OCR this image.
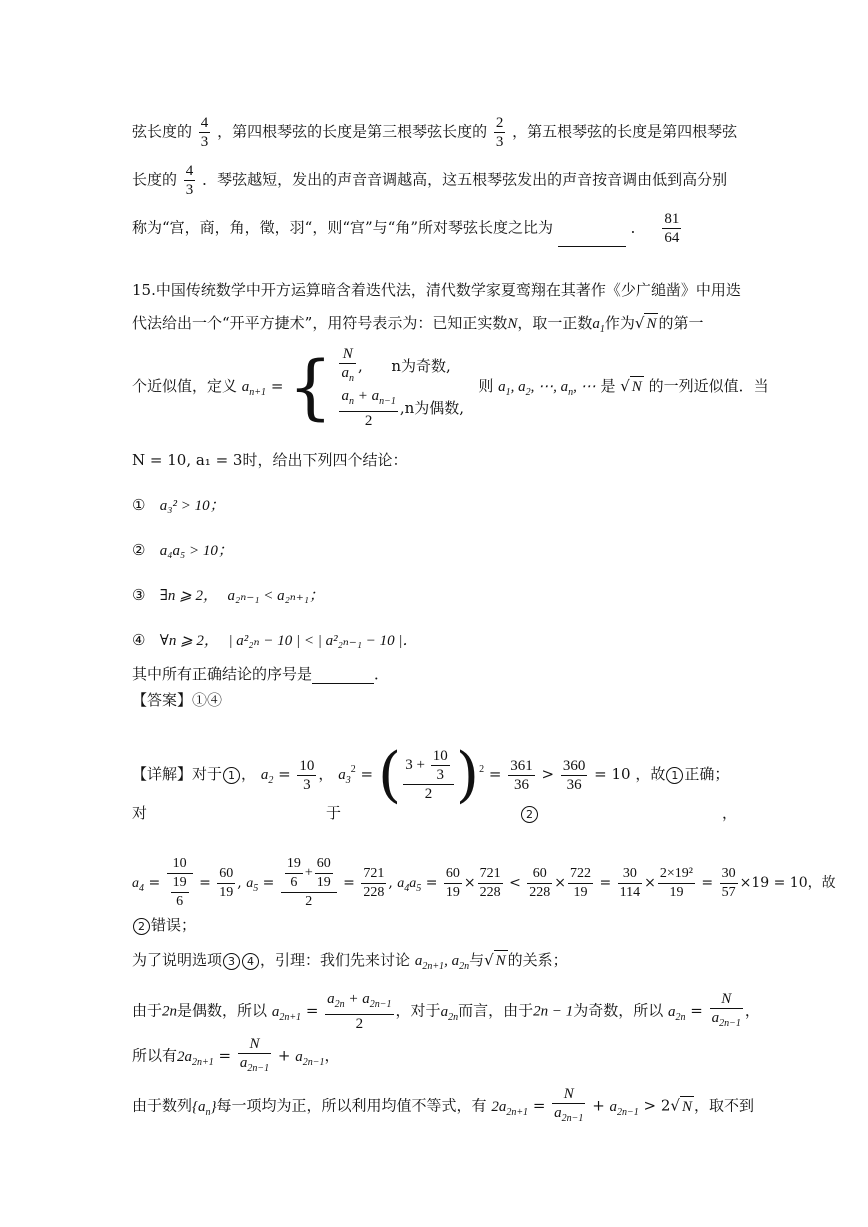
弦长度的 $\frac{4}{3}$ ，第四根琴弦的长度是第三根琴弦长度的 $\frac{2}{3}$ ，第五根琴弦的长度是第四根琴弦
长度的 $\frac{4}{3}$ ．琴弦越短，发出的声音音调越高，这五根琴弦发出的声音按音调由低到高分别
称为“宫，商，角，徵，羽“，则“宫”与“角”所对琴弦长度之比为	． $\frac{81}{64}$
15.中国传统数学中开方运算暗含着迭代法，清代数学家夏鸾翔在其著作《少广缒凿》中用迭
代法给出一个“开平方捷术”，用符号表示为：已知正实数N，取一正数$a_1$作为√ N 的第一
个近似值，定义 $a_{n+1}$ = { $\frac{N}{a_n}$ , n为奇数,
$\frac{a_n + a_{n-1}}{2} ,n$为偶数,
则 $a_1$, $a_2$, ⋯, $a_n$, ⋯ 是 √ N 的一列近似值．当
N = 10, a₁ = 3时，给出下列四个结论：
①   a₃² > 10；
②   a₄a₅ > 10；
③   ∃n ⩾ 2， a₂ₙ₋₁ < a₂ₙ₊₁；
④   ∀n ⩾ 2， | a²₂ₙ − 10 | < | a²₂ₙ₋₁ − 10 |．
其中所有正确结论的序号是	．
【答案】①④
【详解】对于 1 ， $a_2 = \frac{10}{3}$ ， $a_3^2$ = ( $\frac{3 + \frac{10}{3}}{2} )^2 = \frac{361}{36} > \frac{360}{36} = 10$ ，故 1 正确；
对	于	2	，
$a_4 = \frac{10}{\frac{19}{6}} = \frac{60}{19}$ , $a_5 = \frac{\frac{19}{6} + \frac{60}{19}}{2} = \frac{721}{228}$ , $a_4a_5 = \frac{60}{19} \times \frac{721}{228} < \frac{60}{228} \times \frac{722}{19} = \frac{30}{114} \times \frac{\text{2×19²}}{19} = \frac{30}{57} \times 19 = 10$，故
2 错误；
为了说明选项 3 4 ，引理：我们先来讨论 $a_{2n+1}$, $a_{2n}$与√ N 的关系；
由于2n是偶数，所以 $a_{2n+1} = \frac{a_{2n} + a_{2n-1}}{2}$ ，对于$a_{2n}$而言，由于2n − 1为奇数，所以 $a_{2n} = \frac{N}{a_{2n-1}}$ ，
所以有$2a_{2n+1} = \frac{N}{a_{2n-1}} + a_{2n-1}$，
由于数列$\{a_n\}$每一项均为正，所以利用均值不等式，有 $2a_{2n+1} = \frac{N}{a_{2n-1}} + a_{2n-1} > 2√$ N ，取不到
